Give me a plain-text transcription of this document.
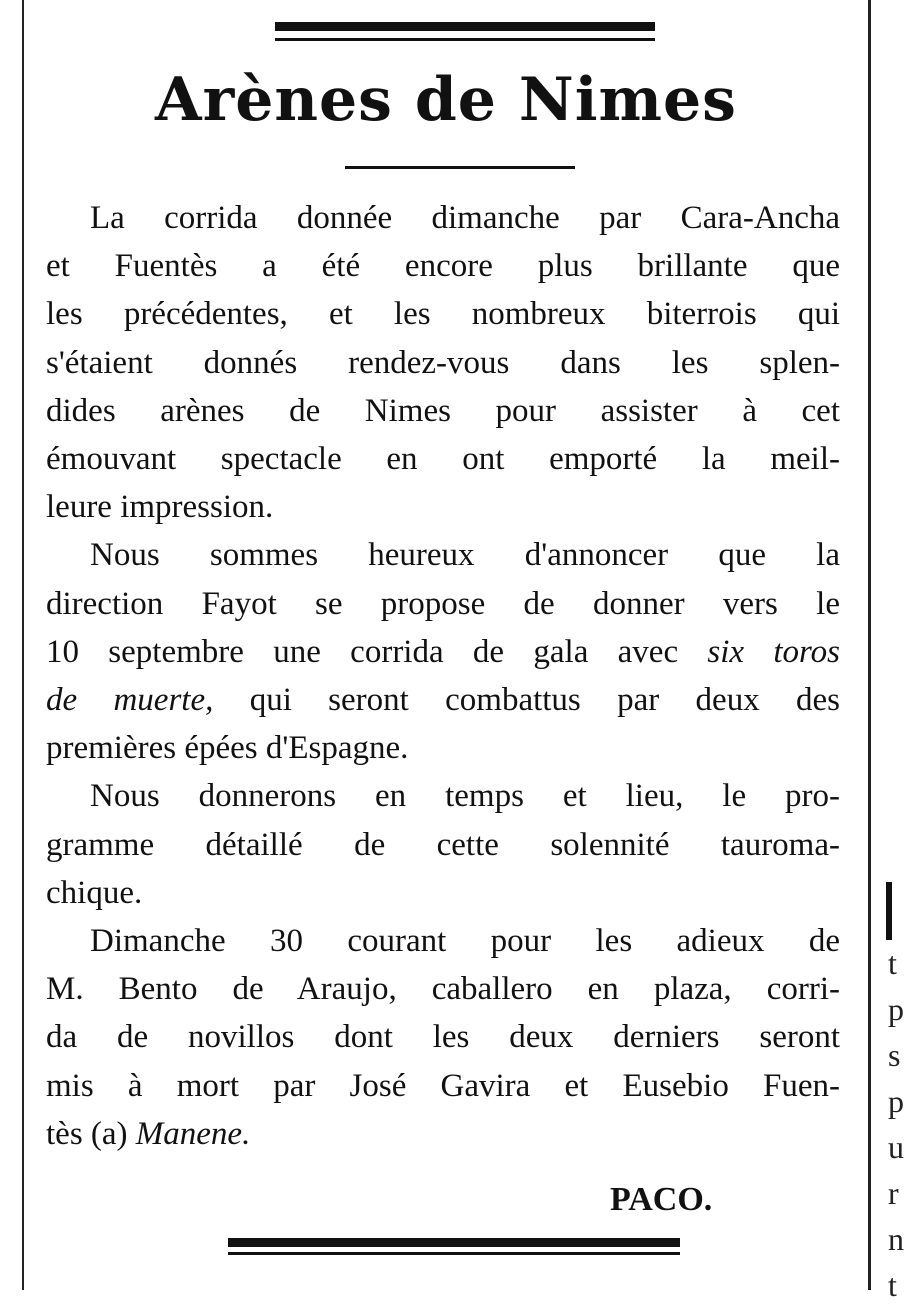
Arènes de Nimes
La corrida donnée dimanche par Cara-Ancha
et Fuentès a été encore plus brillante que
les précédentes, et les nombreux biterrois qui
s'étaient donnés rendez-vous dans les splen-
dides arènes de Nimes pour assister à cet
émouvant spectacle en ont emporté la meil-
leure impression.
Nous sommes heureux d'annoncer que la
direction Fayot se propose de donner vers le
10 septembre une corrida de gala avec six toros
de muerte, qui seront combattus par deux des
premières épées d'Espagne.
Nous donnerons en temps et lieu, le pro-
gramme détaillé de cette solennité tauroma-
chique.
Dimanche 30 courant pour les adieux de
M. Bento de Araujo, caballero en plaza, corri-
da de novillos dont les deux derniers seront
mis à mort par José Gavira et Eusebio Fuen-
tès (a) Manene.
PACO.
t
p
s
p
u
r
n
t
